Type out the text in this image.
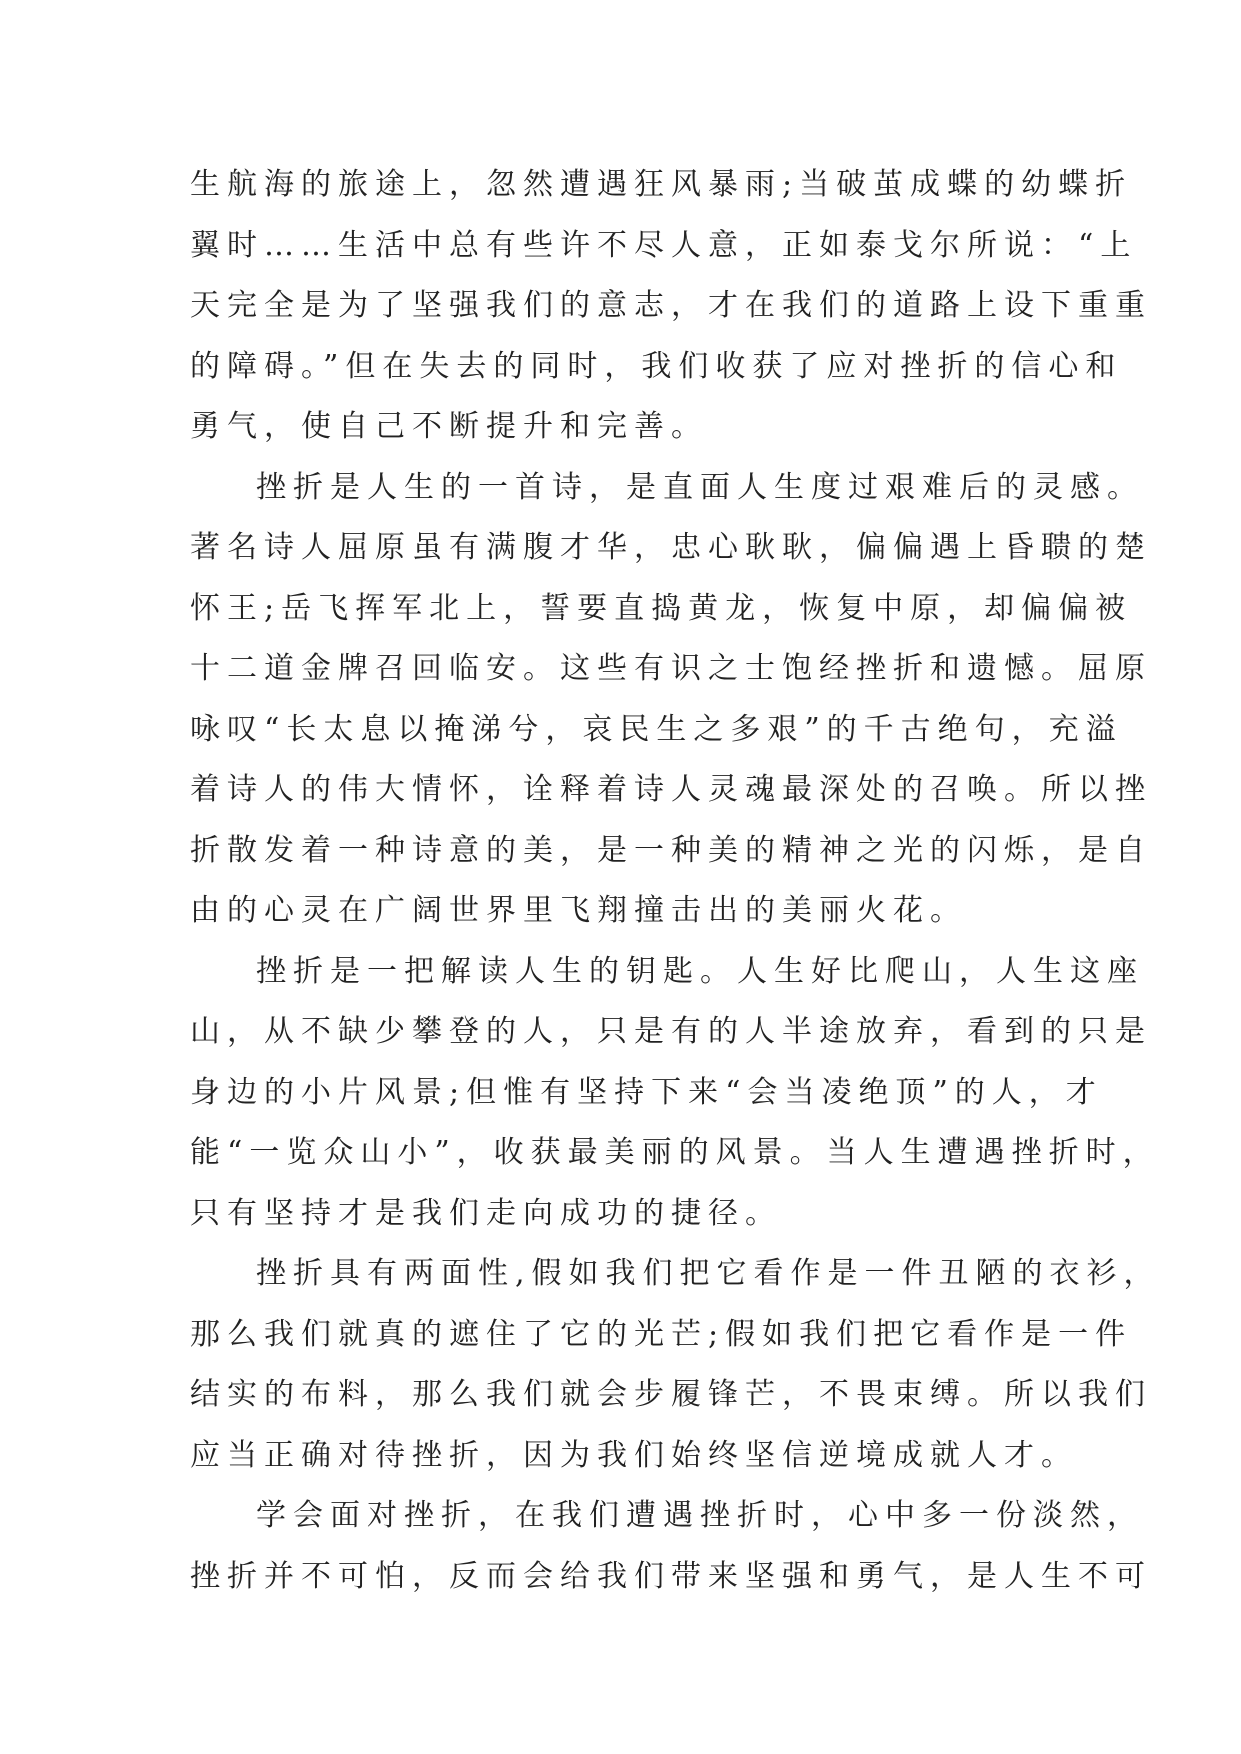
生航海的旅途上，忽然遭遇狂风暴雨;当破茧成蝶的幼蝶折
翼时……生活中总有些许不尽人意，正如泰戈尔所说：“上
天完全是为了坚强我们的意志，才在我们的道路上设下重重
的障碍。”但在失去的同时，我们收获了应对挫折的信心和
勇气，使自己不断提升和完善。
挫折是人生的一首诗，是直面人生度过艰难后的灵感。
著名诗人屈原虽有满腹才华，忠心耿耿，偏偏遇上昏聩的楚
怀王;岳飞挥军北上，誓要直捣黄龙，恢复中原，却偏偏被
十二道金牌召回临安。这些有识之士饱经挫折和遗憾。屈原
咏叹“长太息以掩涕兮，哀民生之多艰”的千古绝句，充溢
着诗人的伟大情怀，诠释着诗人灵魂最深处的召唤。所以挫
折散发着一种诗意的美，是一种美的精神之光的闪烁，是自
由的心灵在广阔世界里飞翔撞击出的美丽火花。
挫折是一把解读人生的钥匙。人生好比爬山，人生这座
山，从不缺少攀登的人，只是有的人半途放弃，看到的只是
身边的小片风景;但惟有坚持下来“会当凌绝顶”的人，才
能“一览众山小”，收获最美丽的风景。当人生遭遇挫折时，
只有坚持才是我们走向成功的捷径。
挫折具有两面性,假如我们把它看作是一件丑陋的衣衫，
那么我们就真的遮住了它的光芒;假如我们把它看作是一件
结实的布料，那么我们就会步履锋芒，不畏束缚。所以我们
应当正确对待挫折，因为我们始终坚信逆境成就人才。
学会面对挫折，在我们遭遇挫折时，心中多一份淡然，
挫折并不可怕，反而会给我们带来坚强和勇气，是人生不可
